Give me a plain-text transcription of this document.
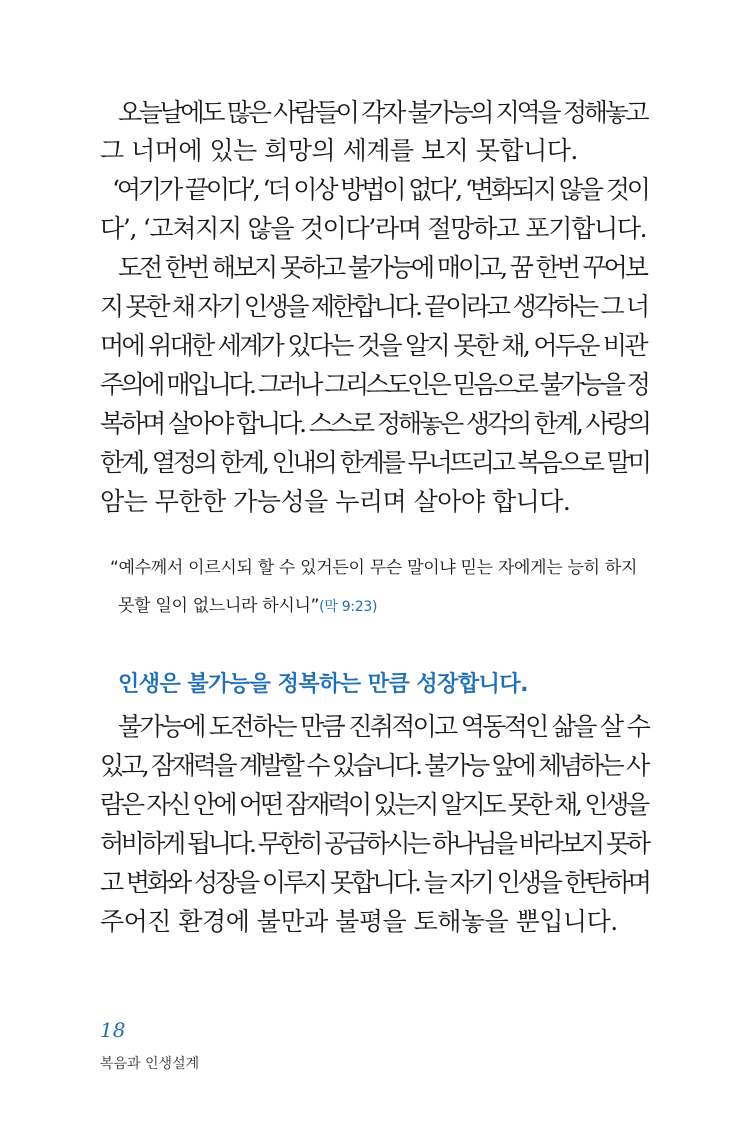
오늘날에도 많은 사람들이 각자 불가능의 지역을 정해놓고
그 너머에 있는 희망의 세계를 보지 못합니다.
‘여기가 끝이다’, ‘더 이상 방법이 없다’, ‘변화되지 않을 것이
다’, ‘고쳐지지 않을 것이다’라며 절망하고 포기합니다.
도전 한번 해보지 못하고 불가능에 매이고, 꿈 한번 꾸어보
지 못한 채 자기 인생을 제한합니다. 끝이라고 생각하는 그 너
머에 위대한 세계가 있다는 것을 알지 못한 채, 어두운 비관
주의에 매입니다. 그러나 그리스도인은 믿음으로 불가능을 정
복하며 살아야 합니다. 스스로 정해놓은 생각의 한계, 사랑의
한계, 열정의 한계, 인내의 한계를 무너뜨리고 복음으로 말미
암는 무한한 가능성을 누리며 살아야 합니다.
“예수께서 이르시되 할 수 있거든이 무슨 말이냐 믿는 자에게는 능히 하지
못할 일이 없느니라 하시니”(막 9:23)
인생은 불가능을 정복하는 만큼 성장합니다.
불가능에 도전하는 만큼 진취적이고 역동적인 삶을 살 수
있고, 잠재력을 계발할 수 있습니다. 불가능 앞에 체념하는 사
람은 자신 안에 어떤 잠재력이 있는지 알지도 못한 채, 인생을
허비하게 됩니다. 무한히 공급하시는 하나님을 바라보지 못하
고 변화와 성장을 이루지 못합니다. 늘 자기 인생을 한탄하며
주어진 환경에 불만과 불평을 토해놓을 뿐입니다.
18
복음과 인생설계
